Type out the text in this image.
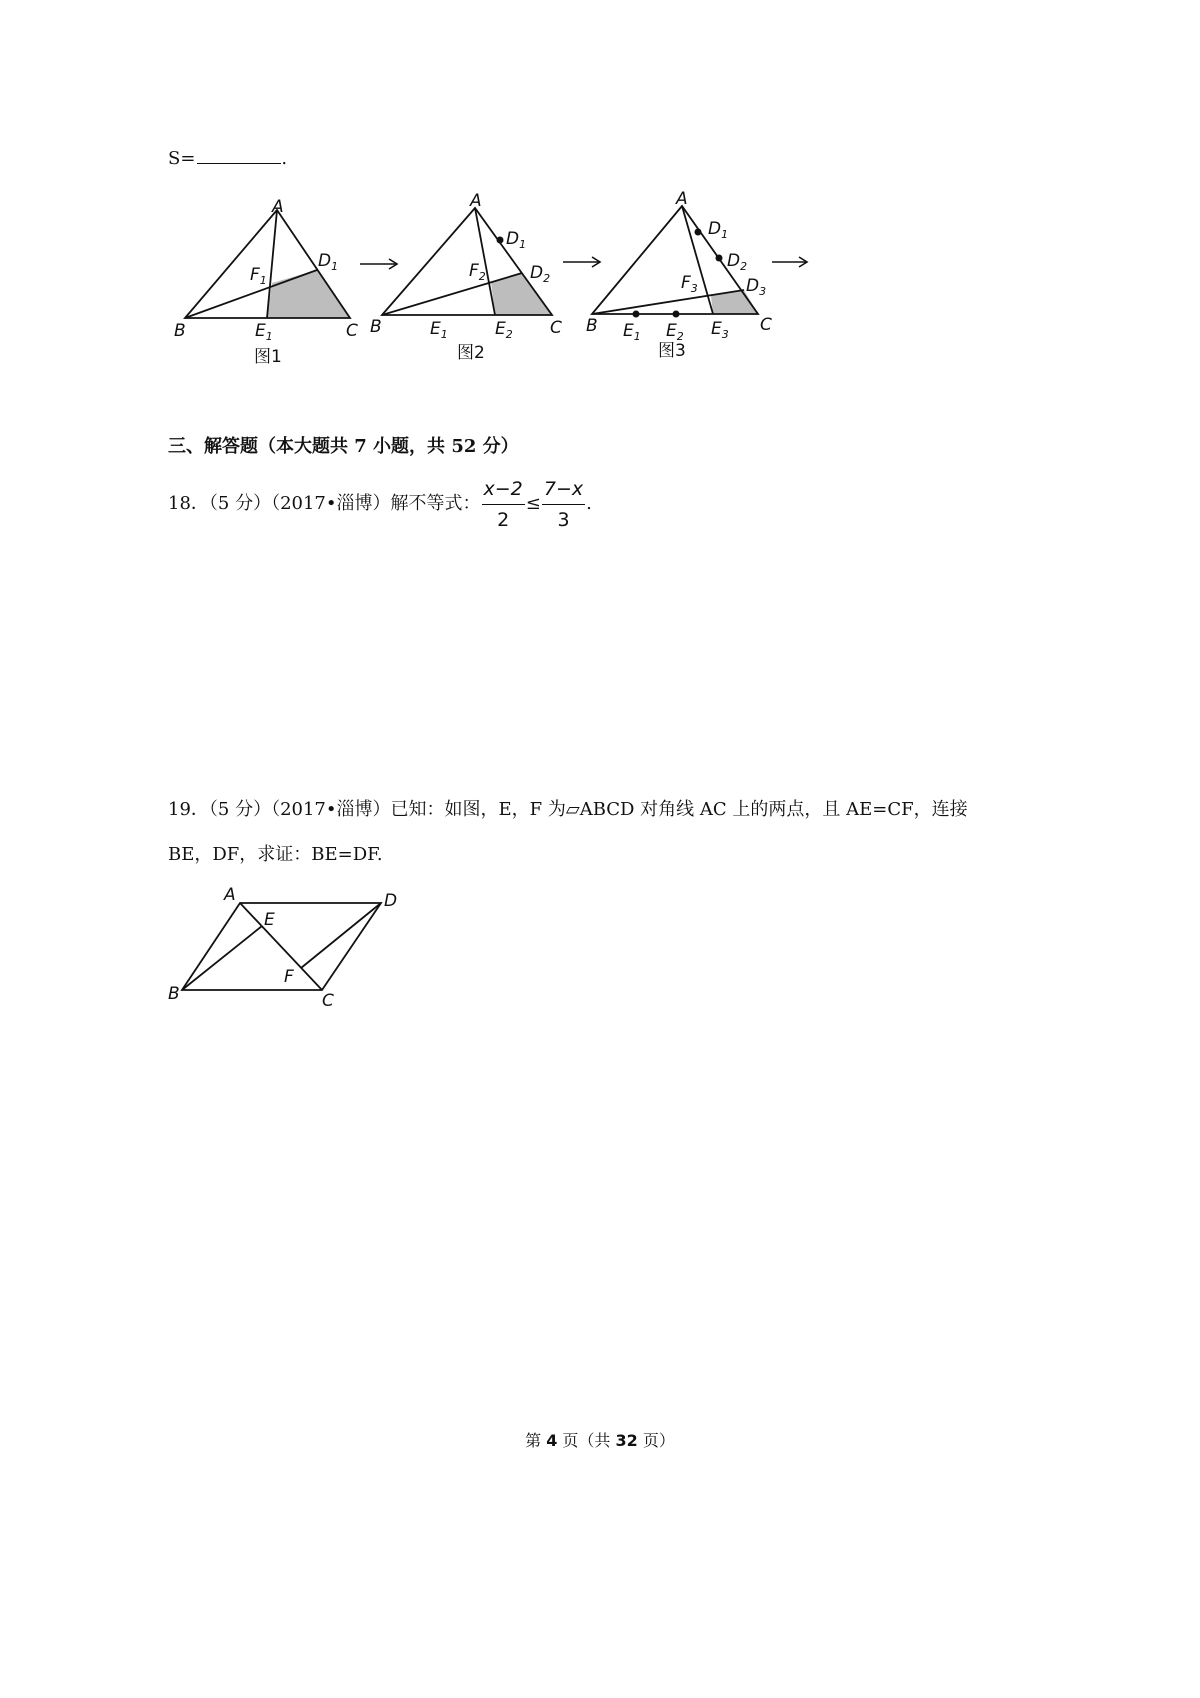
S=	.
A
B	C
$D_1$
$E_1$
$F_1$
图1
A
B	C
$D_1$
$D_2$
$E_1$	$E_2$
$F_2$
图2
A
B	C
$D_1$
$D_2$
$D_3$
$E_1$ $E_2$ $E_3$
$F_3$
图3
三、解答题（本大题共 7 小题，共 52 分）
18．（5 分）（2017•淄博）解不等式： $\frac{x-2}{2} \le \frac{7-x}{3}$ .
19．（5 分）（2017•淄博）已知：如图，E，F 为▱ABCD 对角线 AC 上的两点，且 AE=CF，连接
BE，DF，求证：BE=DF.
A	D
E
F
B	C
第 4 页（共 32 页）
